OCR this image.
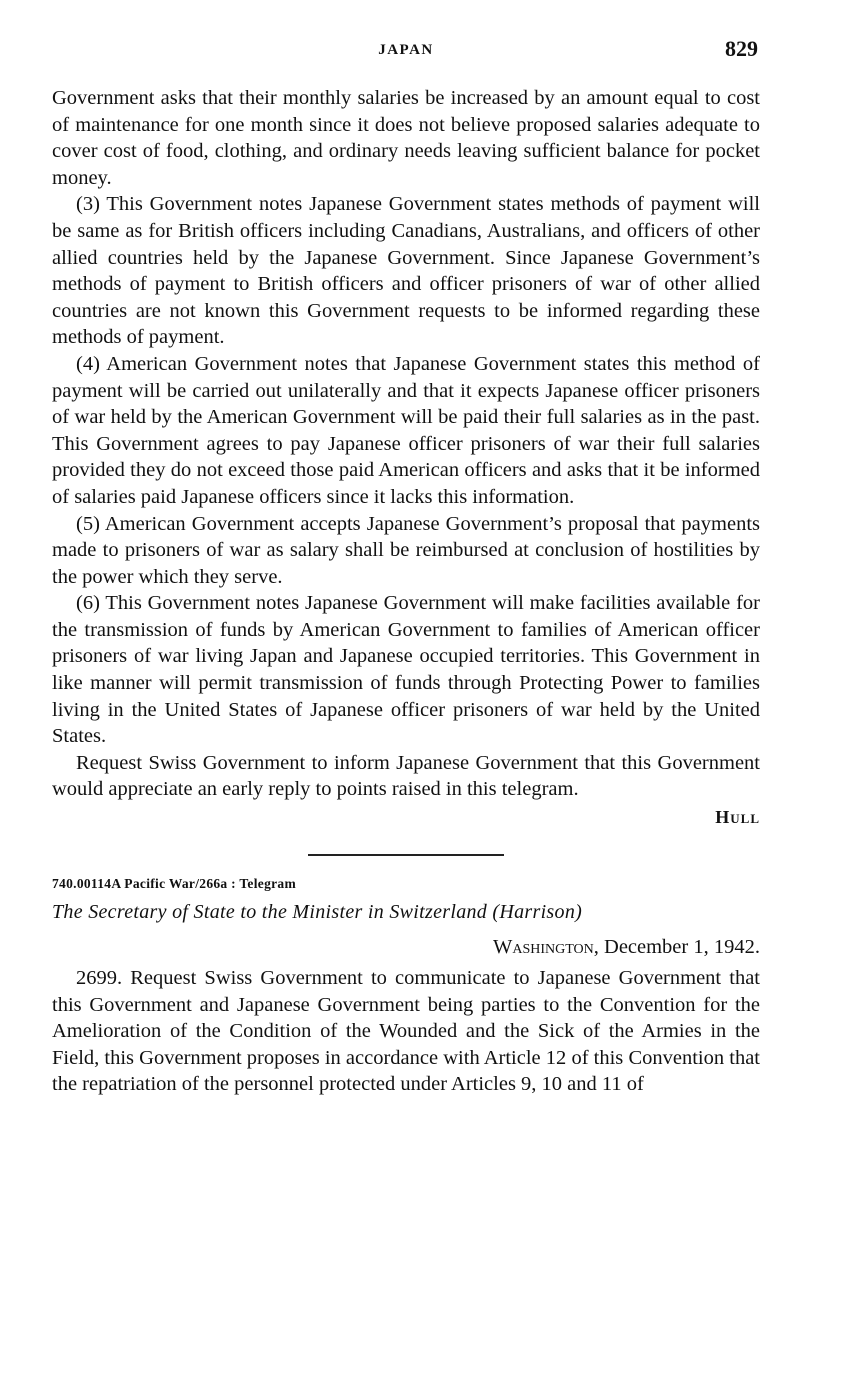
JAPAN	829

Government asks that their monthly salaries be increased by an amount equal to cost of maintenance for one month since it does not believe proposed salaries adequate to cover cost of food, clothing, and ordinary needs leaving sufficient balance for pocket money.

(3) This Government notes Japanese Government states methods of payment will be same as for British officers including Canadians, Australians, and officers of other allied countries held by the Japanese Government. Since Japanese Government’s methods of payment to British officers and officer prisoners of war of other allied countries are not known this Government requests to be informed regarding these methods of payment.

(4) American Government notes that Japanese Government states this method of payment will be carried out unilaterally and that it expects Japanese officer prisoners of war held by the American Government will be paid their full salaries as in the past. This Government agrees to pay Japanese officer prisoners of war their full salaries provided they do not exceed those paid American officers and asks that it be informed of salaries paid Japanese officers since it lacks this information.

(5) American Government accepts Japanese Government’s proposal that payments made to prisoners of war as salary shall be reimbursed at conclusion of hostilities by the power which they serve.

(6) This Government notes Japanese Government will make facilities available for the transmission of funds by American Government to families of American officer prisoners of war living Japan and Japanese occupied territories. This Government in like manner will permit transmission of funds through Protecting Power to families living in the United States of Japanese officer prisoners of war held by the United States.

Request Swiss Government to inform Japanese Government that this Government would appreciate an early reply to points raised in this telegram.

Hull
740.00114A Pacific War/266a : Telegram
The Secretary of State to the Minister in Switzerland (Harrison)
Washington, December 1, 1942.

2699. Request Swiss Government to communicate to Japanese Government that this Government and Japanese Government being parties to the Convention for the Amelioration of the Condition of the Wounded and the Sick of the Armies in the Field, this Government proposes in accordance with Article 12 of this Convention that the repatriation of the personnel protected under Articles 9, 10 and 11 of
